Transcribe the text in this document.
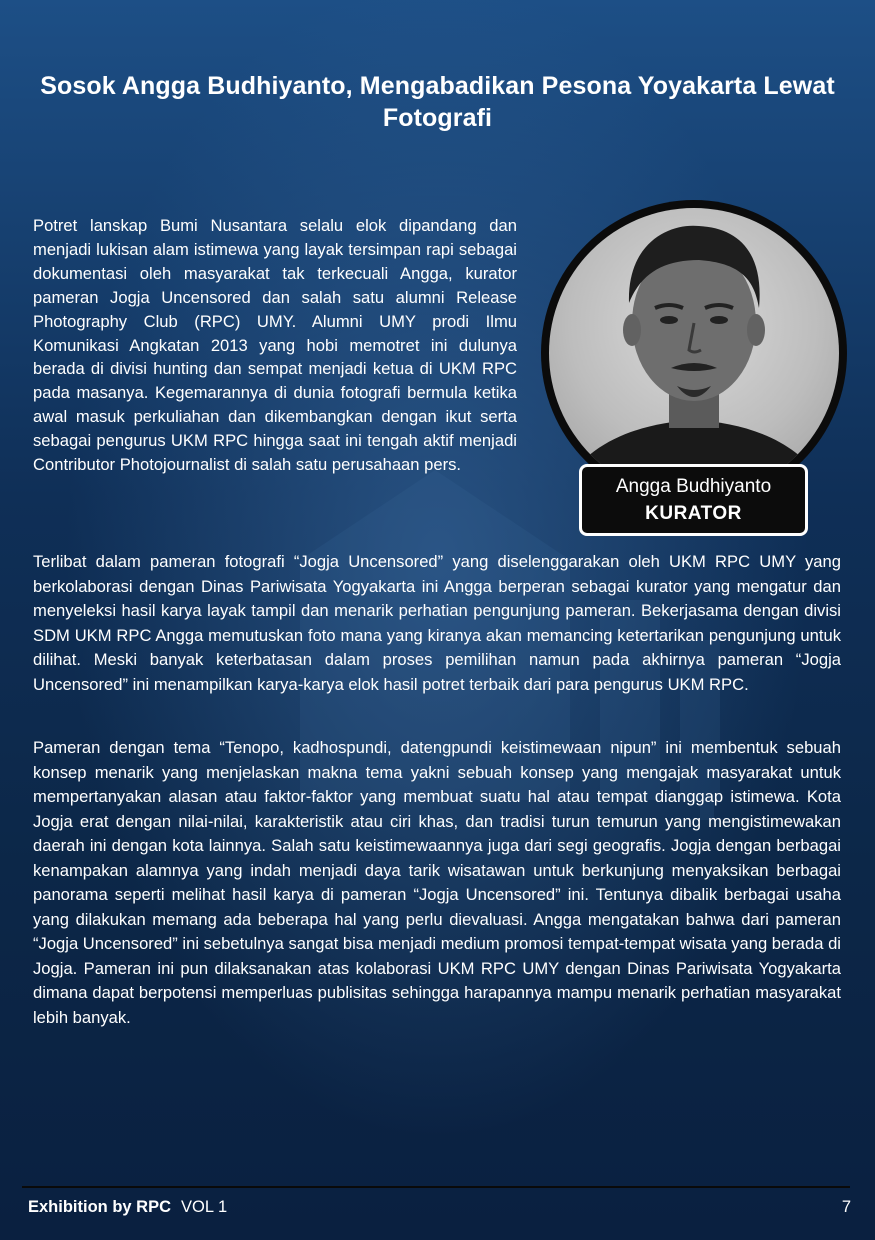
Sosok Angga Budhiyanto, Mengabadikan Pesona Yoyakarta Lewat Fotografi

Potret lanskap Bumi Nusantara selalu elok dipandang dan menjadi lukisan alam istimewa yang layak tersimpan rapi sebagai dokumentasi oleh masyarakat tak terkecuali Angga, kurator pameran Jogja Uncensored dan salah satu alumni Release Photography Club (RPC) UMY. Alumni UMY prodi Ilmu Komunikasi Angkatan 2013 yang hobi memotret ini dulunya berada di divisi hunting dan sempat menjadi ketua di UKM RPC pada masanya. Kegemarannya di dunia fotografi bermula ketika awal masuk perkuliahan dan dikembangkan dengan ikut serta sebagai pengurus UKM RPC hingga saat ini tengah aktif menjadi Contributor Photojournalist di salah satu perusahaan pers.

Angga Budhiyanto
KURATOR

Terlibat dalam pameran fotografi “Jogja Uncensored” yang diselenggarakan oleh UKM RPC UMY yang berkolaborasi dengan Dinas Pariwisata Yogyakarta ini Angga berperan sebagai kurator yang mengatur dan menyeleksi hasil karya layak tampil dan menarik perhatian pengunjung pameran. Bekerjasama dengan divisi SDM UKM RPC Angga memutuskan foto mana yang kiranya akan memancing ketertarikan pengunjung untuk dilihat. Meski banyak keterbatasan dalam proses pemilihan namun pada akhirnya pameran “Jogja Uncensored” ini menampilkan karya-karya elok hasil potret terbaik dari para pengurus UKM RPC.

Pameran dengan tema “Tenopo, kadhospundi, datengpundi keistimewaan nipun” ini membentuk sebuah konsep menarik yang menjelaskan makna tema yakni sebuah konsep yang mengajak masyarakat untuk mempertanyakan alasan atau faktor-faktor yang membuat suatu hal atau tempat dianggap istimewa. Kota Jogja erat dengan nilai-nilai, karakteristik atau ciri khas, dan tradisi turun temurun yang mengistimewakan daerah ini dengan kota lainnya. Salah satu keistimewaannya juga dari segi geografis. Jogja dengan berbagai kenampakan alamnya yang indah menjadi daya tarik wisatawan untuk berkunjung menyaksikan berbagai panorama seperti melihat hasil karya di pameran “Jogja Uncensored” ini. Tentunya dibalik berbagai usaha yang dilakukan memang ada beberapa hal yang perlu dievaluasi. Angga mengatakan bahwa dari pameran “Jogja Uncensored” ini sebetulnya sangat bisa menjadi medium promosi tempat-tempat wisata yang berada di Jogja. Pameran ini pun dilaksanakan atas kolaborasi UKM RPC UMY dengan Dinas Pariwisata Yogyakarta dimana dapat berpotensi memperluas publisitas sehingga harapannya mampu menarik perhatian masyarakat lebih banyak.

Exhibition by RPC VOL 1	7
